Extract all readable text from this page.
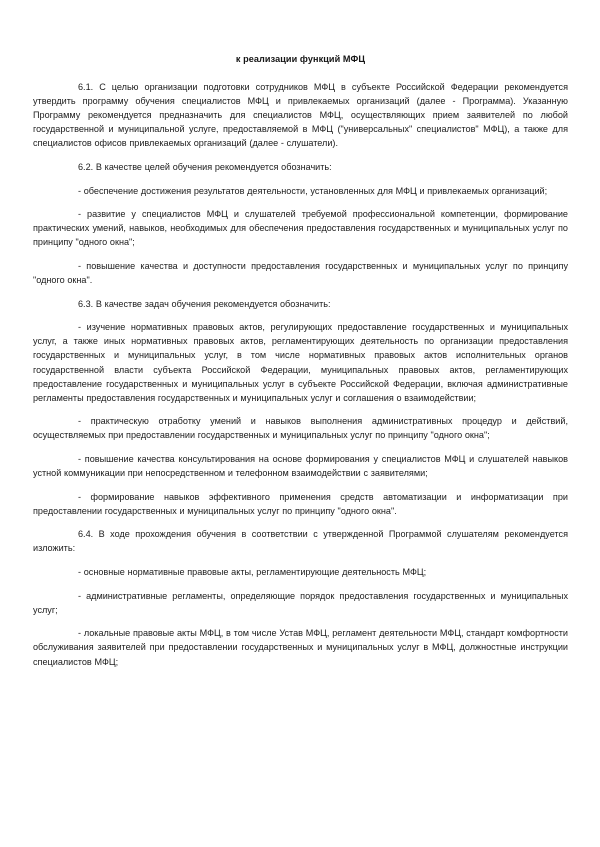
к реализации функций МФЦ

6.1. С целью организации подготовки сотрудников МФЦ в субъекте Российской Федерации рекомендуется утвердить программу обучения специалистов МФЦ и привлекаемых организаций (далее - Программа). Указанную Программу рекомендуется предназначить для специалистов МФЦ, осуществляющих прием заявителей по любой государственной и муниципальной услуге, предоставляемой в МФЦ ("универсальных" специалистов" МФЦ), а также для специалистов офисов привлекаемых организаций (далее - слушатели).

6.2. В качестве целей обучения рекомендуется обозначить:

- обеспечение достижения результатов деятельности, установленных для МФЦ и привлекаемых организаций;

- развитие у специалистов МФЦ и слушателей требуемой профессиональной компетенции, формирование практических умений, навыков, необходимых для обеспечения предоставления государственных и муниципальных услуг по принципу "одного окна";

- повышение качества и доступности предоставления государственных и муниципальных услуг по принципу "одного окна".

6.3. В качестве задач обучения рекомендуется обозначить:

- изучение нормативных правовых актов, регулирующих предоставление государственных и муниципальных услуг, а также иных нормативных правовых актов, регламентирующих деятельность по организации предоставления государственных и муниципальных услуг, в том числе нормативных правовых актов исполнительных органов государственной власти субъекта Российской Федерации, муниципальных правовых актов, регламентирующих предоставление государственных и муниципальных услуг в субъекте Российской Федерации, включая административные регламенты предоставления государственных и муниципальных услуг и соглашения о взаимодействии;

- практическую отработку умений и навыков выполнения административных процедур и действий, осуществляемых при предоставлении государственных и муниципальных услуг по принципу "одного окна";

- повышение качества консультирования на основе формирования у специалистов МФЦ и слушателей навыков устной коммуникации при непосредственном и телефонном взаимодействии с заявителями;

- формирование навыков эффективного применения средств автоматизации и информатизации при предоставлении государственных и муниципальных услуг по принципу "одного окна".

6.4. В ходе прохождения обучения в соответствии с утвержденной Программой слушателям рекомендуется изложить:

- основные нормативные правовые акты, регламентирующие деятельность МФЦ;

- административные регламенты, определяющие порядок предоставления государственных и муниципальных услуг;

- локальные правовые акты МФЦ, в том числе Устав МФЦ, регламент деятельности МФЦ, стандарт комфортности обслуживания заявителей при предоставлении государственных и муниципальных услуг в МФЦ, должностные инструкции специалистов МФЦ;
